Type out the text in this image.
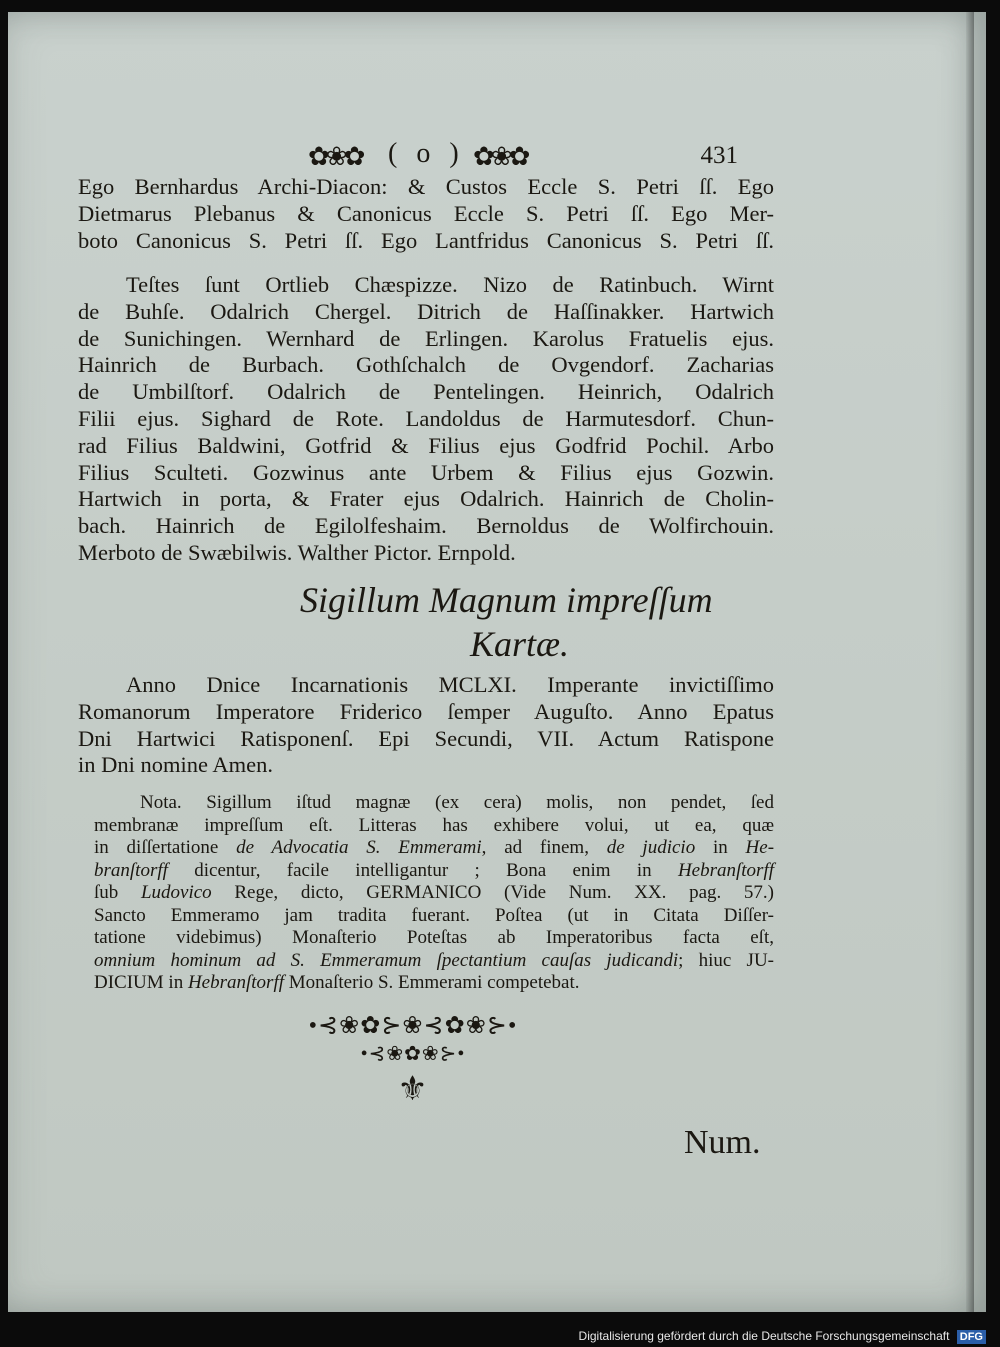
✿❀✿ ( o ) ✿❀✿	431
Ego Bernhardus Archi-Diacon: & Custos Eccle S. Petri ſſ. Ego
Dietmarus Plebanus & Canonicus Eccle S. Petri ſſ. Ego Mer-
boto Canonicus S. Petri ſſ. Ego Lantfridus Canonicus S. Petri ſſ.
Teſtes ſunt Ortlieb Chæspizze. Nizo de Ratinbuch. Wirnt
de Buhſe. Odalrich Chergel. Ditrich de Haſſinakker. Hartwich
de Sunichingen. Wernhard de Erlingen. Karolus Fratuelis ejus.
Hainrich de Burbach. Gothſchalch de Ovgendorf. Zacharias
de Umbilſtorf. Odalrich de Pentelingen. Heinrich, Odalrich
Filii ejus. Sighard de Rote. Landoldus de Harmutesdorf. Chun-
rad Filius Baldwini, Gotfrid & Filius ejus Godfrid Pochil. Arbo
Filius Sculteti. Gozwinus ante Urbem & Filius ejus Gozwin.
Hartwich in porta, & Frater ejus Odalrich. Hainrich de Cholin-
bach. Hainrich de Egilolfeshaim. Bernoldus de Wolfirchouin.
Merboto de Swæbilwis. Walther Pictor. Ernpold.
Sigillum Magnum impreſſum
Kartæ.
Anno Dnice Incarnationis MCLXI. Imperante invictiſſimo
Romanorum Imperatore Friderico ſemper Auguſto. Anno Epatus
Dni Hartwici Ratisponenſ. Epi Secundi, VII. Actum Ratispone
in Dni nomine Amen.
Nota. Sigillum iſtud magnæ (ex cera) molis, non pendet, ſed
membranæ impreſſum eſt. Litteras has exhibere volui, ut ea, quæ
in diſſertatione de Advocatia S. Emmerami, ad finem, de judicio in He-
branſtorff dicentur, facile intelligantur ; Bona enim in Hebranſtorff
ſub Ludovico Rege, dicto, GERMANICO (Vide Num. XX. pag. 57.)
Sancto Emmeramo jam tradita fuerant. Poſtea (ut in Citata Diſſer-
tatione videbimus) Monaſterio Poteſtas ab Imperatoribus facta eſt,
omnium hominum ad S. Emmeramum ſpectantium cauſas judicandi; hiuc JU-
DICIUM in Hebranſtorff Monaſterio S. Emmerami competebat.
•⊰❀✿⊱❀⊰✿❀⊱•
•⊰❀✿❀⊱•
⚜
Num.
Digitalisierung gefördert durch die Deutsche Forschungsgemeinschaft DFG
